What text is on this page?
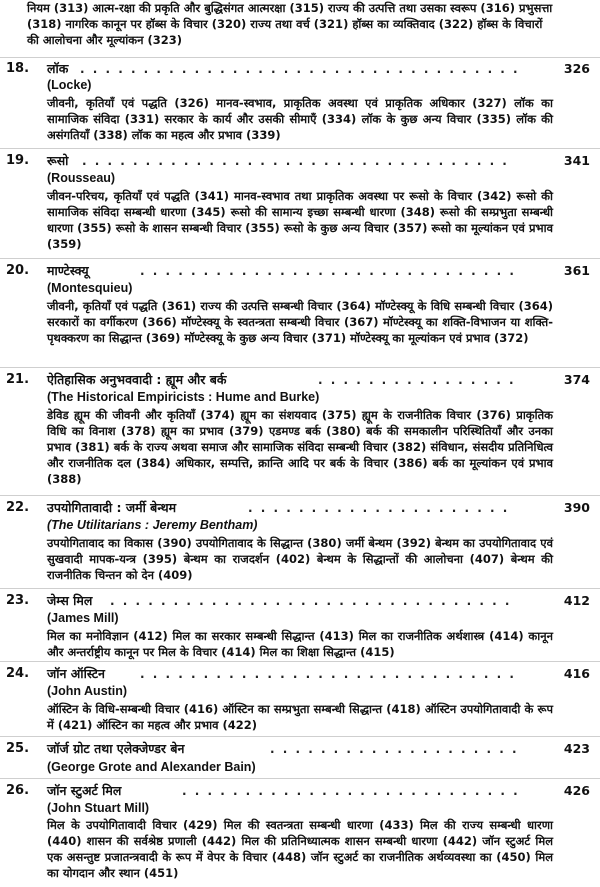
नियम (313) आत्म-रक्षा की प्रकृति और बुद्धिसंगत आत्मरक्षा (315) राज्य की उत्पत्ति तथा उसका स्वरूप (316) प्रभुसत्ता (318) नागरिक कानून पर हॉब्स के विचार (320) राज्य तथा वर्च (321) हॉब्स का व्यक्तिवाद (322) हॉब्स के विचारों की आलोचना और मूल्यांकन (323)
18. लॉक . . . . . . . . . . . . . . . . . . . . . . . . . . . . . . . . . . .	326
(Locke)
जीवनी, कृतियाँ एवं पद्धति (326) मानव-स्वभाव, प्राकृतिक अवस्था एवं प्राकृतिक अधिकार (327) लॉक का सामाजिक संविदा (331) सरकार के कार्य और उसकी सीमाएँ (334) लॉक के कुछ अन्य विचार (335) लॉक की असंगतियाँ (338) लॉक का महत्व और प्रभाव (339)
19. रूसो . . . . . . . . . . . . . . . . . . . . . . . . . . . . . . . . . .	341
(Rousseau)
जीवन-परिचय, कृतियाँ एवं पद्धति (341) मानव-स्वभाव तथा प्राकृतिक अवस्था पर रूसो के विचार (342) रूसो की सामाजिक संविदा सम्बन्धी धारणा (345) रूसो की सामान्य इच्छा सम्बन्धी धारणा (348) रूसो की सम्प्रभुता सम्बन्धी धारणा (355) रूसो के शासन सम्बन्धी विचार (355) रूसो के कुछ अन्य विचार (357) रूसो का मूल्यांकन एवं प्रभाव (359)
20. माण्टेस्क्यू	. . . . . . . . . . . . . . . . . . . . . . . . . . . . . .	361
(Montesquieu)
जीवनी, कृतियाँ एवं पद्धति (361) राज्य की उत्पत्ति सम्बन्धी विचार (364) मॉण्टेस्क्यू के विधि सम्बन्धी विचार (364) सरकारों का वर्गीकरण (366) मॉण्टेस्क्यू के स्वतन्त्रता सम्बन्धी विचार (367) मॉण्टेस्क्यू का शक्ति-विभाजन या शक्ति-पृथक्करण का सिद्धान्त (369) मॉण्टेस्क्यू के कुछ अन्य विचार (371) मॉण्टेस्क्यू का मूल्यांकन एवं प्रभाव (372)
21. ऐतिहासिक अनुभववादी : ह्यूम और बर्क	. . . . . . . . . . . . . . . .	374
(The Historical Empiricists : Hume and Burke)
डेविड ह्यूम की जीवनी और कृतियाँ (374) ह्यूम का संशयवाद (375) ह्यूम के राजनीतिक विचार (376) प्राकृतिक विधि का विनाश (378) ह्यूम का प्रभाव (379) एडमण्ड बर्क (380) बर्क की समकालीन परिस्थितियाँ और उनका प्रभाव (381) बर्क के राज्य अथवा समाज और सामाजिक संविदा सम्बन्धी विचार (382) संविधान, संसदीय प्रतिनिधित्व और राजनीतिक दल (384) अधिकार, सम्पत्ति, क्रान्ति आदि पर बर्क के विचार (386) बर्क का मूल्यांकन एवं प्रभाव (388)
22. उपयोगितावादी : जर्मी बेन्थम	. . . . . . . . . . . . . . . . . . . . .	390
(The Utilitarians : Jeremy Bentham)
उपयोगितावाद का विकास (390) उपयोगितावाद के सिद्धान्त (380) जर्मी बेन्थम (392) बेन्थम का उपयोगितावाद एवं सुखवादी मापक-यन्त्र (395) बेन्थम का राजदर्शन (402) बेन्थम के सिद्धान्तों की आलोचना (407) बेन्थम की राजनीतिक चिन्तन को देन (409)
23. जेम्स मिल . . . . . . . . . . . . . . . . . . . . . . . . . . . . . . . .	412
(James Mill)
मिल का मनोविज्ञान (412) मिल का सरकार सम्बन्धी सिद्धान्त (413) मिल का राजनीतिक अर्थशास्त्र (414) कानून और अन्तर्राष्ट्रीय कानून पर मिल के विचार (414) मिल का शिक्षा सिद्धान्त (415)
24. जॉन ऑस्टिन	. . . . . . . . . . . . . . . . . . . . . . . . . . . . . .	416
(John Austin)
ऑस्टिन के विधि-सम्बन्धी विचार (416) ऑस्टिन का सम्प्रभुता सम्बन्धी सिद्धान्त (418) ऑस्टिन उपयोगितावादी के रूप में (421) ऑस्टिन का महत्व और प्रभाव (422)
25. जॉर्ज ग्रोट तथा एलेक्जेण्डर बेन	. . . . . . . . . . . . . . . . . . . .	423
(George Grote and Alexander Bain)
26. जॉन स्टुअर्ट मिल	. . . . . . . . . . . . . . . . . . . . . . . . . . .	426
(John Stuart Mill)
मिल के उपयोगितावादी विचार (429) मिल की स्वतन्त्रता सम्बन्धी धारणा (433) मिल की राज्य सम्बन्धी धारणा (440) शासन की सर्वश्रेष्ठ प्रणाली (442) मिल की प्रतिनिध्यात्मक शासन सम्बन्धी धारणा (442) जॉन स्टुअर्ट मिल एक असन्तुष्ट प्रजातन्त्रवादी के रूप में वेपर के विचार (448) जॉन स्टुअर्ट का राजनीतिक अर्थव्यवस्था का (450) मिल का योगदान और स्थान (451)
